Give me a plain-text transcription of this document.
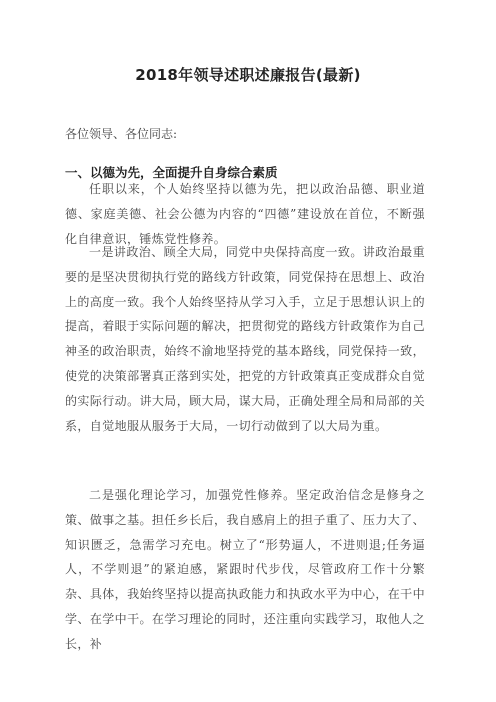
2018年领导述职述廉报告(最新)
各位领导、各位同志:
一、以德为先，全面提升自身综合素质
任职以来，个人始终坚持以德为先，把以政治品德、职业道德、家庭美德、社会公德为内容的“四德”建设放在首位，不断强化自律意识，锤炼党性修养。
一是讲政治、顾全大局，同党中央保持高度一致。讲政治最重要的是坚决贯彻执行党的路线方针政策，同党保持在思想上、政治上的高度一致。我个人始终坚持从学习入手，立足于思想认识上的提高，着眼于实际问题的解决，把贯彻党的路线方针政策作为自己神圣的政治职责，始终不渝地坚持党的基本路线，同党保持一致，使党的决策部署真正落到实处，把党的方针政策真正变成群众自觉的实际行动。讲大局，顾大局，谋大局，正确处理全局和局部的关系，自觉地服从服务于大局，一切行动做到了以大局为重。
二是强化理论学习，加强党性修养。坚定政治信念是修身之策、做事之基。担任乡长后，我自感肩上的担子重了、压力大了、知识匮乏，急需学习充电。树立了“形势逼人，不进则退;任务逼人，不学则退”的紧迫感，紧跟时代步伐，尽管政府工作十分繁杂、具体，我始终坚持以提高执政能力和执政水平为中心，在干中学、在学中干。在学习理论的同时，还注重向实践学习，取他人之长，补
